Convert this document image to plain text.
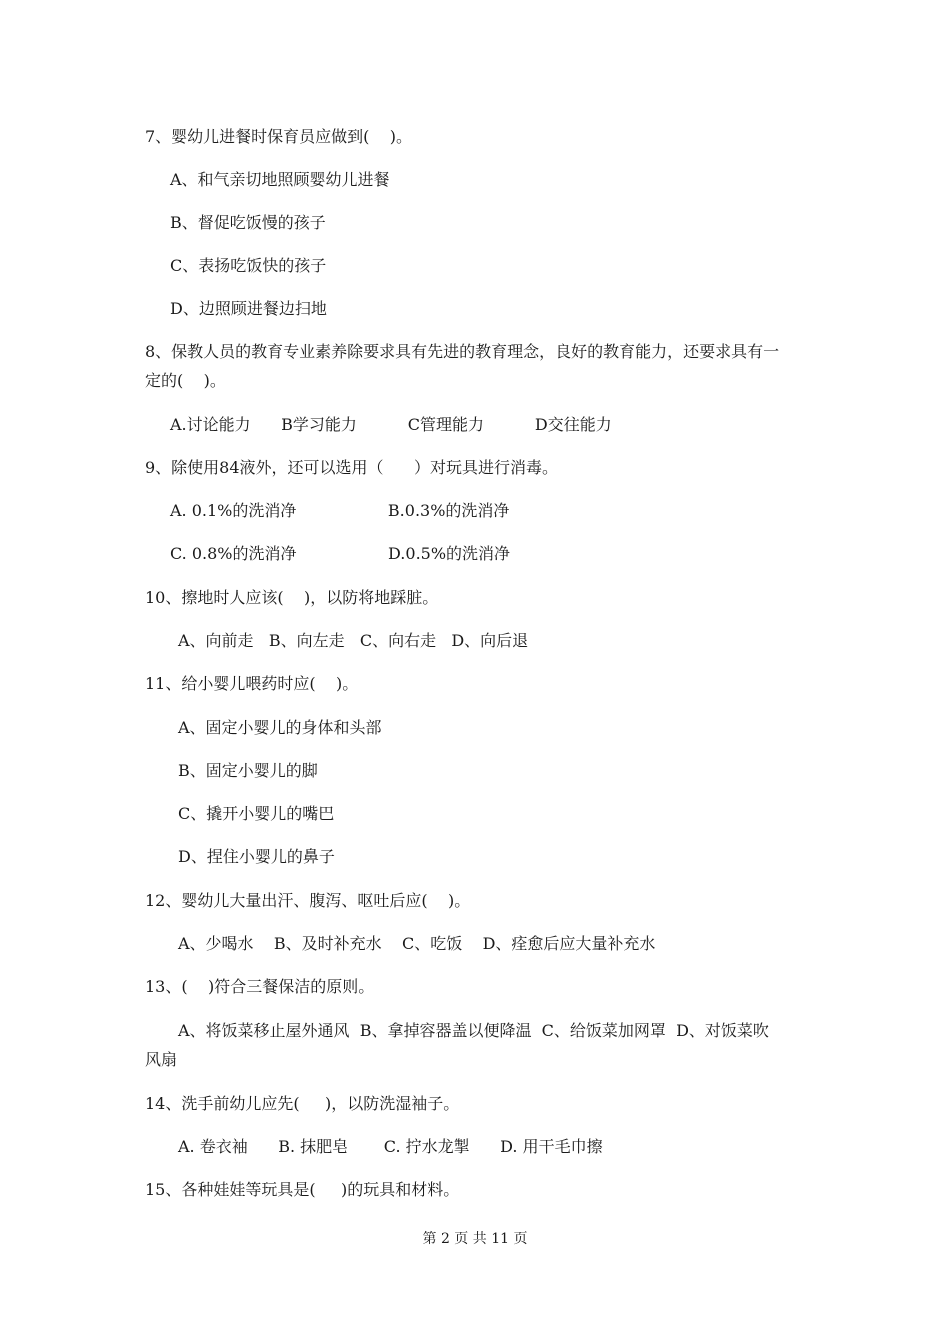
7、婴幼儿进餐时保育员应做到(    )。
A、和气亲切地照顾婴幼儿进餐
B、督促吃饭慢的孩子
C、表扬吃饭快的孩子
D、边照顾进餐边扫地
8、保教人员的教育专业素养除要求具有先进的教育理念，良好的教育能力，还要求具有一
定的(    )。
A.讨论能力      B学习能力          C管理能力          D交往能力
9、除使用84液外，还可以选用（      ）对玩具进行消毒。
A. 0.1%的洗消净                  B.0.3%的洗消净
C. 0.8%的洗消净                  D.0.5%的洗消净
10、擦地时人应该(    )，以防将地踩脏。
A、向前走   B、向左走   C、向右走   D、向后退
11、给小婴儿喂药时应(    )。
A、固定小婴儿的身体和头部
B、固定小婴儿的脚
C、撬开小婴儿的嘴巴
D、捏住小婴儿的鼻子
12、婴幼儿大量出汗、腹泻、呕吐后应(    )。
A、少喝水    B、及时补充水    C、吃饭    D、痊愈后应大量补充水
13、(    )符合三餐保洁的原则。
A、将饭菜移止屋外通风  B、拿掉容器盖以便降温  C、给饭菜加网罩  D、对饭菜吹
风扇
14、洗手前幼儿应先(     )，以防洗湿袖子。
A. 卷衣袖      B. 抹肥皂       C. 拧水龙掣      D. 用干毛巾擦
15、各种娃娃等玩具是(     )的玩具和材料。
第 2 页 共 11 页
